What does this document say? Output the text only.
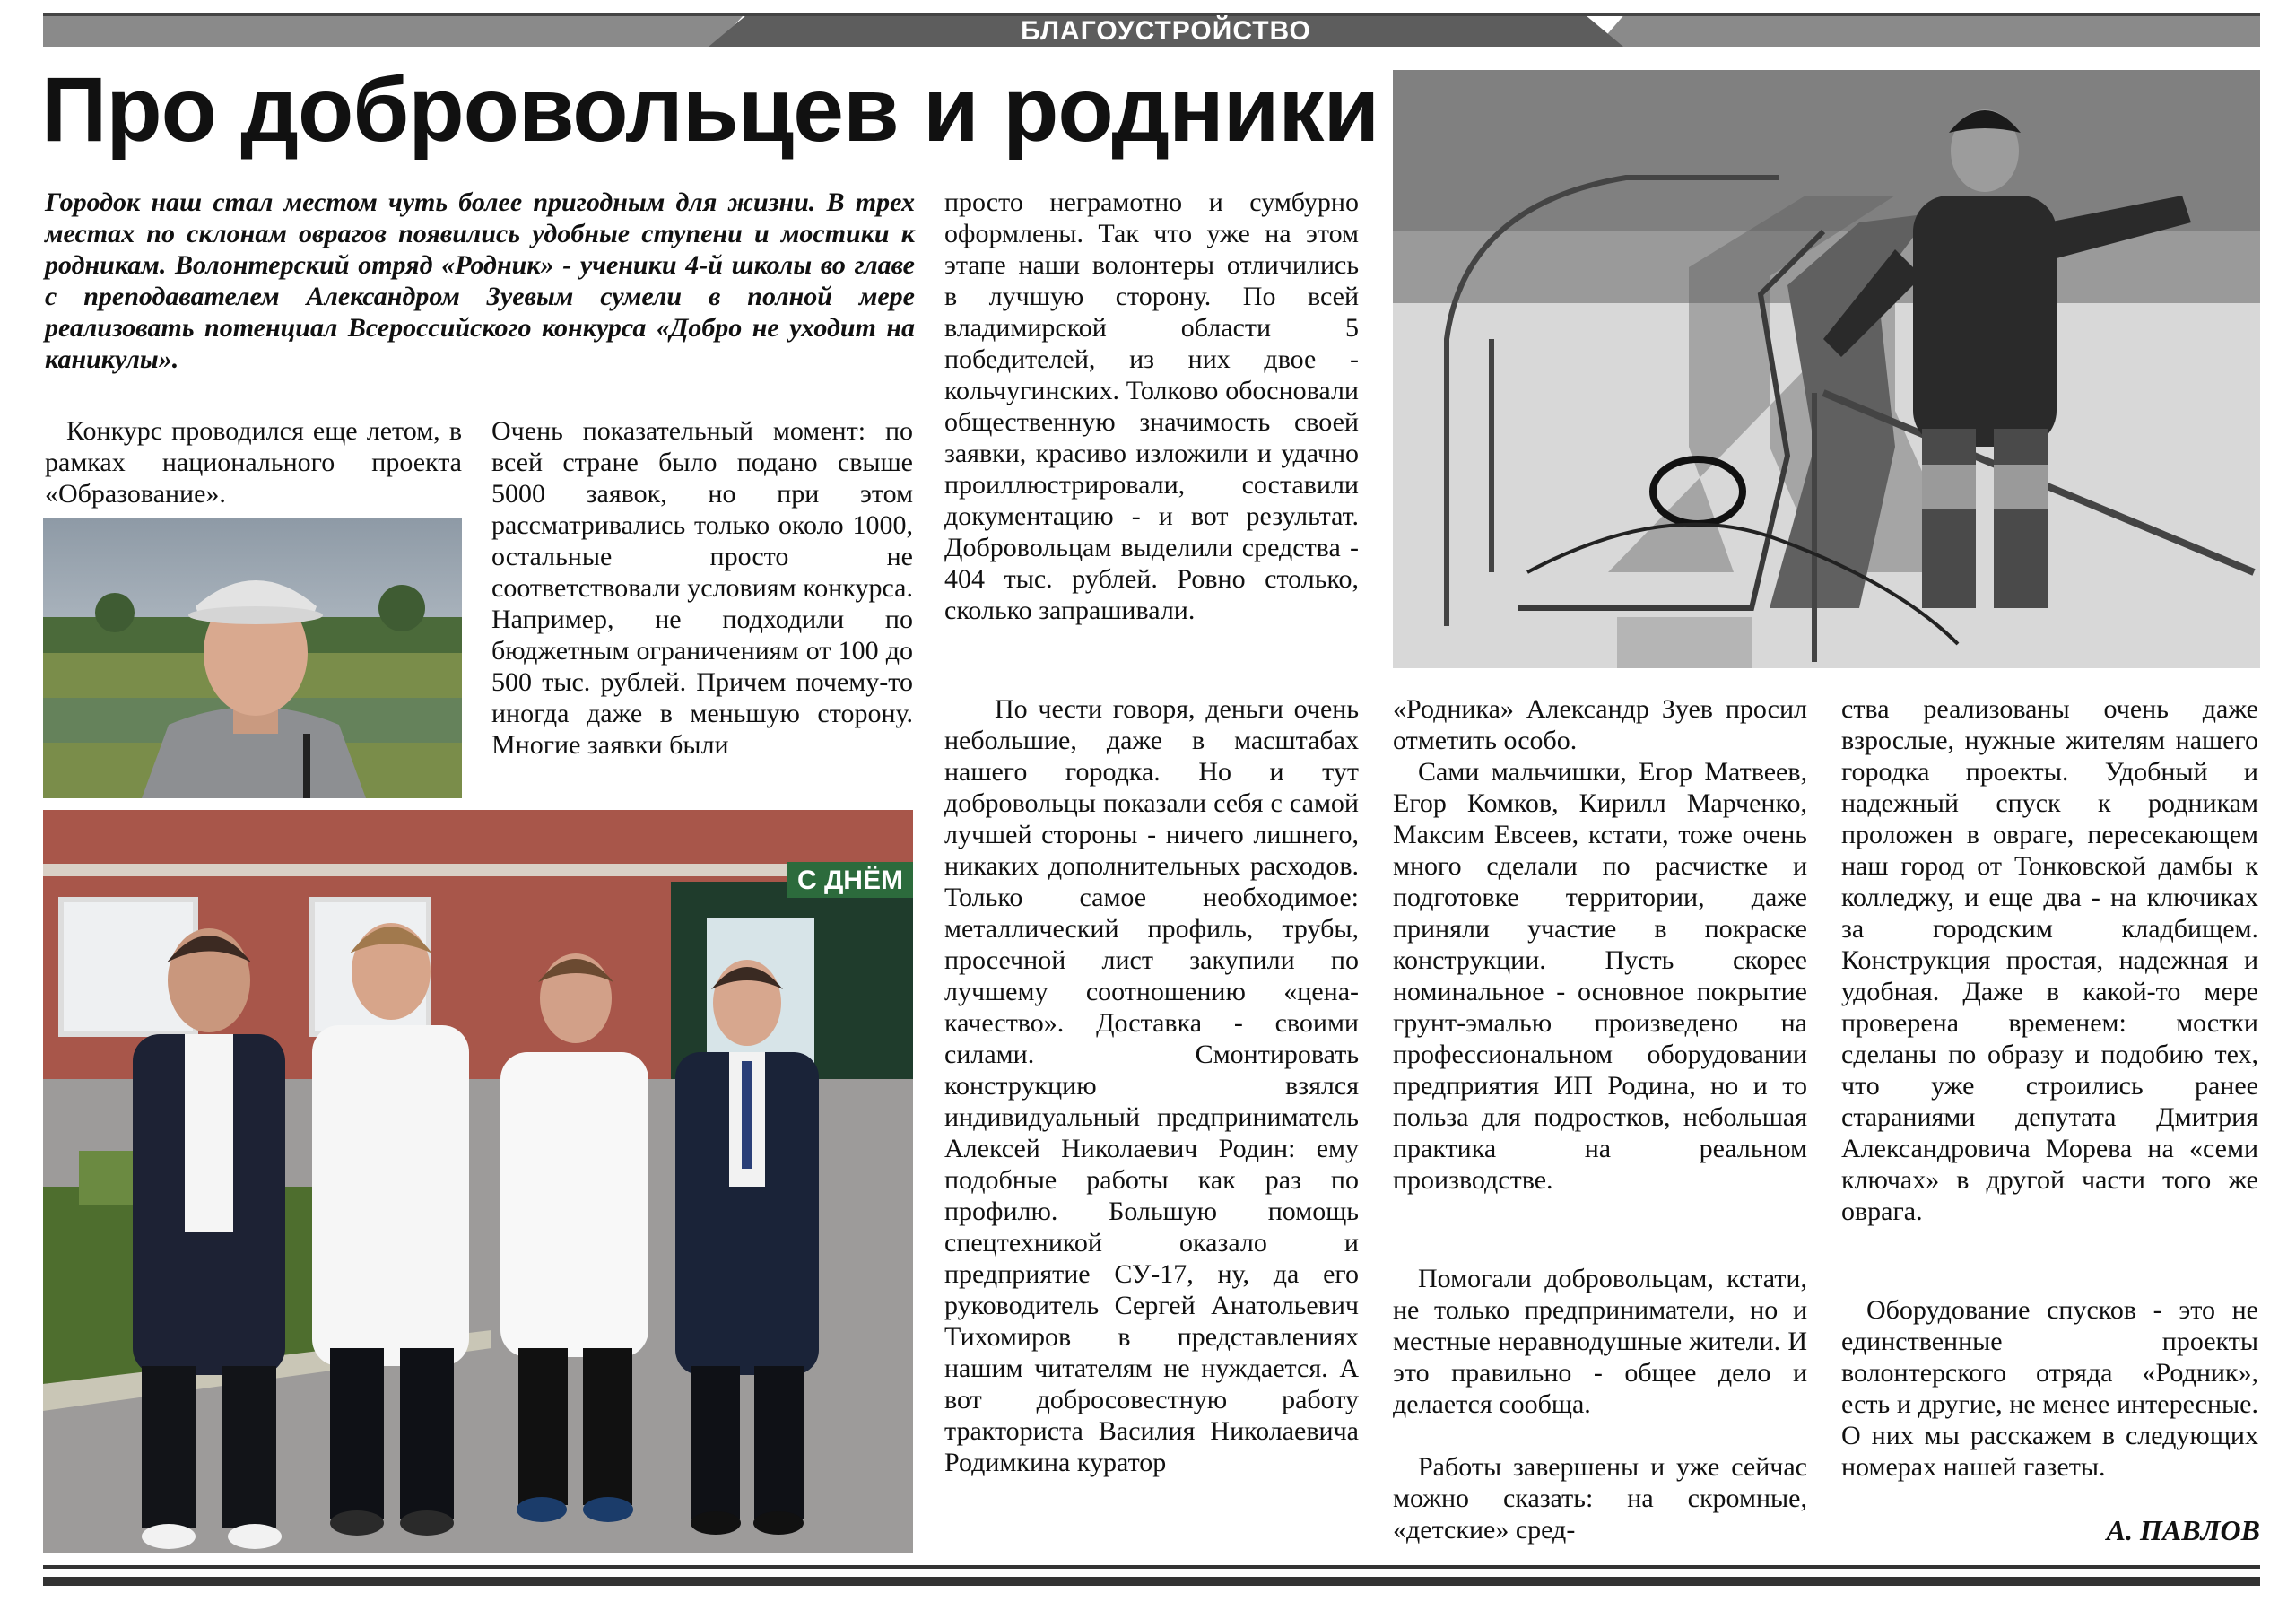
БЛАГОУСТРОЙСТВО
Про добровольцев и родники
Городок наш стал местом чуть более пригодным для жизни. В трех местах по склонам оврагов появились удобные ступени и мостики к родникам. Волонтерский отряд «Родник» - ученики 4-й школы во главе с преподавателем Александром Зуевым сумели в полной мере реализовать потенциал Всероссийского конкурса «Добро не уходит на каникулы».
Конкурс проводился еще летом, в рамках национального проекта «Образование».
Очень показательный момент: по всей стране было подано свыше 5000 заявок, но при этом рассматривались только около 1000, остальные просто не соответствовали условиям конкурса. Например, не подходили по бюджетным ограничениям от 100 до 500 тыс. рублей. Причем почему-то иногда даже в меньшую сторону. Многие заявки были
С ДНЁМ
просто неграмотно и сумбурно оформлены. Так что уже на этом этапе наши волонтеры отличились в лучшую сторону. По всей владимирской области 5 победителей, из них двое - кольчугинских. Толково обосновали общественную значимость своей заявки, красиво изложили и удачно проиллюстрировали, составили документацию - и вот результат. Добровольцам выделили средства - 404 тыс. рублей. Ровно столько, сколько запрашивали.
По чести говоря, деньги очень небольшие, даже в масштабах нашего городка. Но и тут добровольцы показали себя с самой лучшей стороны - ничего лишнего, никаких дополнительных расходов. Только самое необходимое: металлический профиль, трубы, просечной лист закупили по лучшему соотношению «цена-качество». Доставка - своими силами. Смонтировать конструкцию взялся индивидуальный предприниматель Алексей Николаевич Родин: ему подобные работы как раз по профилю. Большую помощь спецтехникой оказало и предприятие СУ-17, ну, да его руководитель Сергей Анатольевич Тихомиров в представлениях нашим читателям не нуждается. А вот добросовестную работу тракториста Василия Николаевича Родимкина куратор
«Родника» Александр Зуев просил отметить особо.
Сами мальчишки, Егор Матвеев, Егор Комков, Кирилл Марченко, Максим Евсеев, кстати, тоже очень много сделали по расчистке и подготовке территории, даже приняли участие в покраске конструкции. Пусть скорее номинальное - основное покрытие грунт-эмалью произведено на профессиональном оборудовании предприятия ИП Родина, но и то польза для подростков, небольшая практика на реальном производстве.
Помогали добровольцам, кстати, не только предприниматели, но и местные неравнодушные жители. И это правильно - общее дело и делается сообща.
Работы завершены и уже сейчас можно сказать: на скромные, «детские» сред-
ства реализованы очень даже взрослые, нужные жителям нашего городка проекты. Удобный и надежный спуск к родникам проложен в овраге, пересекающем наш город от Тонковской дамбы к колледжу, и еще два - на ключиках за городским кладбищем. Конструкция простая, надежная и удобная. Даже в какой-то мере проверена временем: мостки сделаны по образу и подобию тех, что уже строились ранее стараниями депутата Дмитрия Александровича Морева на «семи ключах» в другой части того же оврага.
Оборудование спусков - это не единственные проекты волонтерского отряда «Родник», есть и другие, не менее интересные. О них мы расскажем в следующих номерах нашей газеты.
А. ПАВЛОВ
